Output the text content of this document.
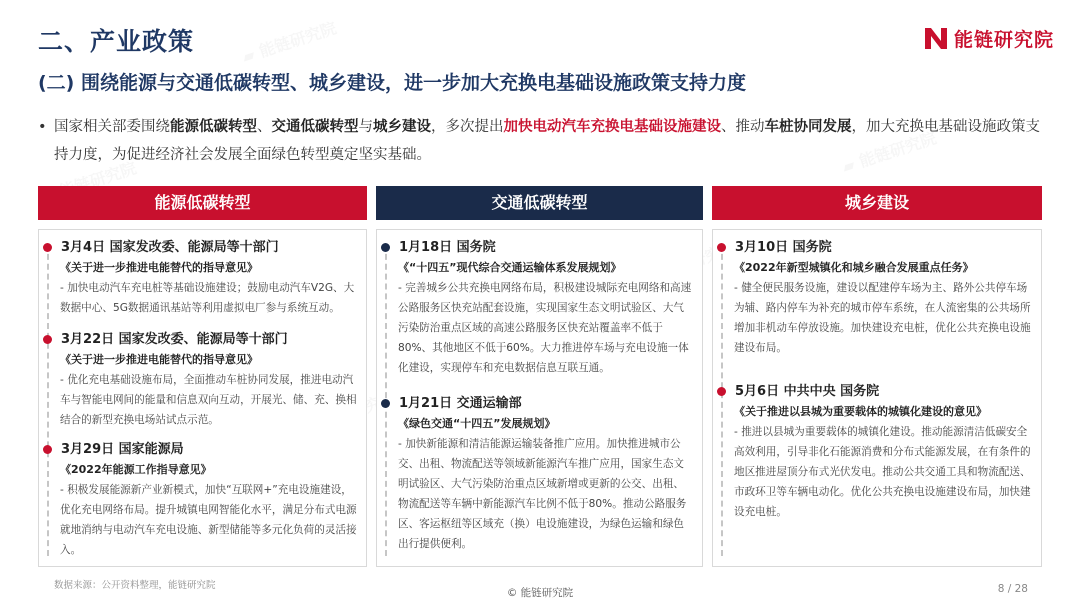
二、产业政策	能链研究院
(二) 围绕能源与交通低碳转型、城乡建设，进一步加大充换电基础设施政策支持力度
• 国家相关部委围绕能源低碳转型、交通低碳转型与城乡建设，多次提出加快电动汽车充换电基础设施建设、推动车桩协同发展，加大充换电基础设施政策支持力度，为促进经济社会发展全面绿色转型奠定坚实基础。
能源低碳转型
3月4日 国家发改委、能源局等十部门
《关于进一步推进电能替代的指导意见》
- 加快电动汽车充电桩等基础设施建设；鼓励电动汽车V2G、大数据中心、5G数据通讯基站等利用虚拟电厂参与系统互动。
3月22日 国家发改委、能源局等十部门
《关于进一步推进电能替代的指导意见》
- 优化充电基础设施布局，全面推动车桩协同发展，推进电动汽车与智能电网间的能量和信息双向互动，开展光、储、充、换相结合的新型充换电场站试点示范。
3月29日 国家能源局
《2022年能源工作指导意见》
- 积极发展能源新产业新模式，加快“互联网+”充电设施建设，优化充电网络布局。提升城镇电网智能化水平，满足分布式电源就地消纳与电动汽车充电设施、新型储能等多元化负荷的灵活接入。
交通低碳转型
1月18日 国务院
《“十四五”现代综合交通运输体系发展规划》
- 完善城乡公共充换电网络布局，积极建设城际充电网络和高速公路服务区快充站配套设施，实现国家生态文明试验区、大气污染防治重点区域的高速公路服务区快充站覆盖率不低于80%、其他地区不低于60%。大力推进停车场与充电设施一体化建设，实现停车和充电数据信息互联互通。
1月21日 交通运输部
《绿色交通“十四五”发展规划》
- 加快新能源和清洁能源运输装备推广应用。加快推进城市公交、出租、物流配送等领域新能源汽车推广应用，国家生态文明试验区、大气污染防治重点区域新增或更新的公交、出租、物流配送等车辆中新能源汽车比例不低于80%。推动公路服务区、客运枢纽等区域充（换）电设施建设，为绿色运输和绿色出行提供便利。
城乡建设
3月10日 国务院
《2022年新型城镇化和城乡融合发展重点任务》
- 健全便民服务设施，建设以配建停车场为主、路外公共停车场为辅、路内停车为补充的城市停车系统，在人流密集的公共场所增加非机动车停放设施。加快建设充电桩，优化公共充换电设施建设布局。
5月6日 中共中央 国务院
《关于推进以县城为重要载体的城镇化建设的意见》
- 推进以县城为重要载体的城镇化建设。推动能源清洁低碳安全高效利用，引导非化石能源消费和分布式能源发展，在有条件的地区推进屋顶分布式光伏发电。推动公共交通工具和物流配送、市政环卫等车辆电动化。优化公共充换电设施建设布局，加快建设充电桩。
数据来源：公开资料整理，能链研究院
© 能链研究院	8 / 28
